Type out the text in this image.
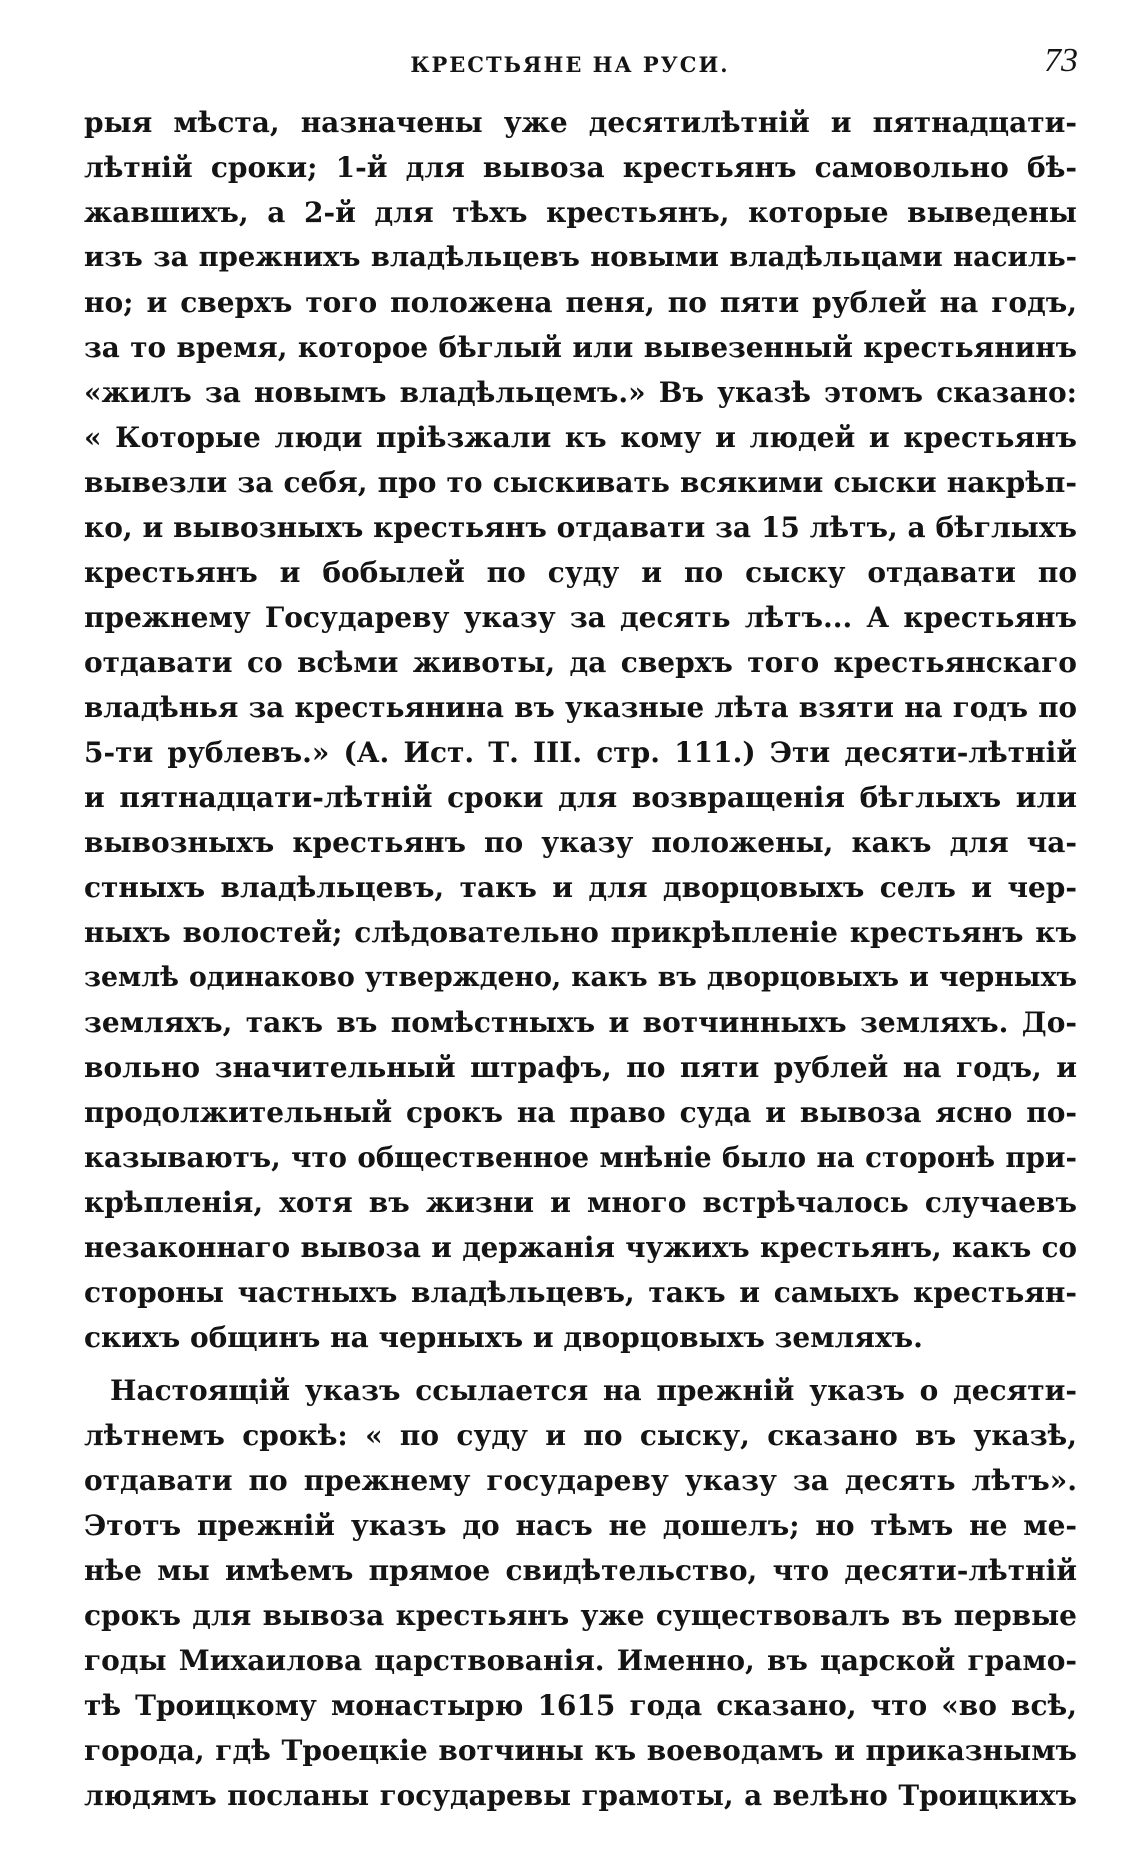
КРЕСТЬЯНЕ НА РУСИ.	73
рыя мѣста, назначены уже десятилѣтній и пятнадцати-
лѣтній сроки; 1-й для вывоза крестьянъ самовольно бѣ-
жавшихъ, а 2-й для тѣхъ крестьянъ, которые выведены
изъ за прежнихъ владѣльцевъ новыми владѣльцами насиль-
но; и сверхъ того положена пеня, по пяти рублей на годъ,
за то время, которое бѣглый или вывезенный крестьянинъ
«жилъ за новымъ владѣльцемъ.» Въ указѣ этомъ сказано:
« Которые люди пріѣзжали къ кому и людей и крестьянъ
вывезли за себя, про то сыскивать всякими сыски накрѣп-
ко, и вывозныхъ крестьянъ отдавати за 15 лѣтъ, а бѣглыхъ
крестьянъ и бобылей по суду и по сыску отдавати по
прежнему Государеву указу за десять лѣтъ... А крестьянъ
отдавати со всѣми животы, да сверхъ того крестьянскаго
владѣнья за крестьянина въ указные лѣта взяти на годъ по
5-ти рублевъ.» (А. Ист. Т. III. стр. 111.) Эти десяти-лѣтній
и пятнадцати-лѣтній сроки для возвращенія бѣглыхъ или
вывозныхъ крестьянъ по указу положены, какъ для ча-
стныхъ владѣльцевъ, такъ и для дворцовыхъ селъ и чер-
ныхъ волостей; слѣдовательно прикрѣпленіе крестьянъ къ
землѣ одинаково утверждено, какъ въ дворцовыхъ и черныхъ
земляхъ, такъ въ помѣстныхъ и вотчинныхъ земляхъ. До-
вольно значительный штрафъ, по пяти рублей на годъ, и
продолжительный срокъ на право суда и вывоза ясно по-
казываютъ, что общественное мнѣніе было на сторонѣ при-
крѣпленія, хотя въ жизни и много встрѣчалось случаевъ
незаконнаго вывоза и держанія чужихъ крестьянъ, какъ со
стороны частныхъ владѣльцевъ, такъ и самыхъ крестьян-
скихъ общинъ на черныхъ и дворцовыхъ земляхъ.
Настоящій указъ ссылается на прежній указъ о десяти-
лѣтнемъ срокѣ: « по суду и по сыску, сказано въ указѣ,
отдавати по прежнему государеву указу за десять лѣтъ».
Этотъ прежній указъ до насъ не дошелъ; но тѣмъ не ме-
нѣе мы имѣемъ прямое свидѣтельство, что десяти-лѣтній
срокъ для вывоза крестьянъ уже существовалъ въ первые
годы Михаилова царствованія. Именно, въ царской грамо-
тѣ Троицкому монастырю 1615 года сказано, что «во всѣ,
города, гдѣ Троецкіе вотчины къ воеводамъ и приказнымъ
людямъ посланы государевы грамоты, а велѣно Троицкихъ
